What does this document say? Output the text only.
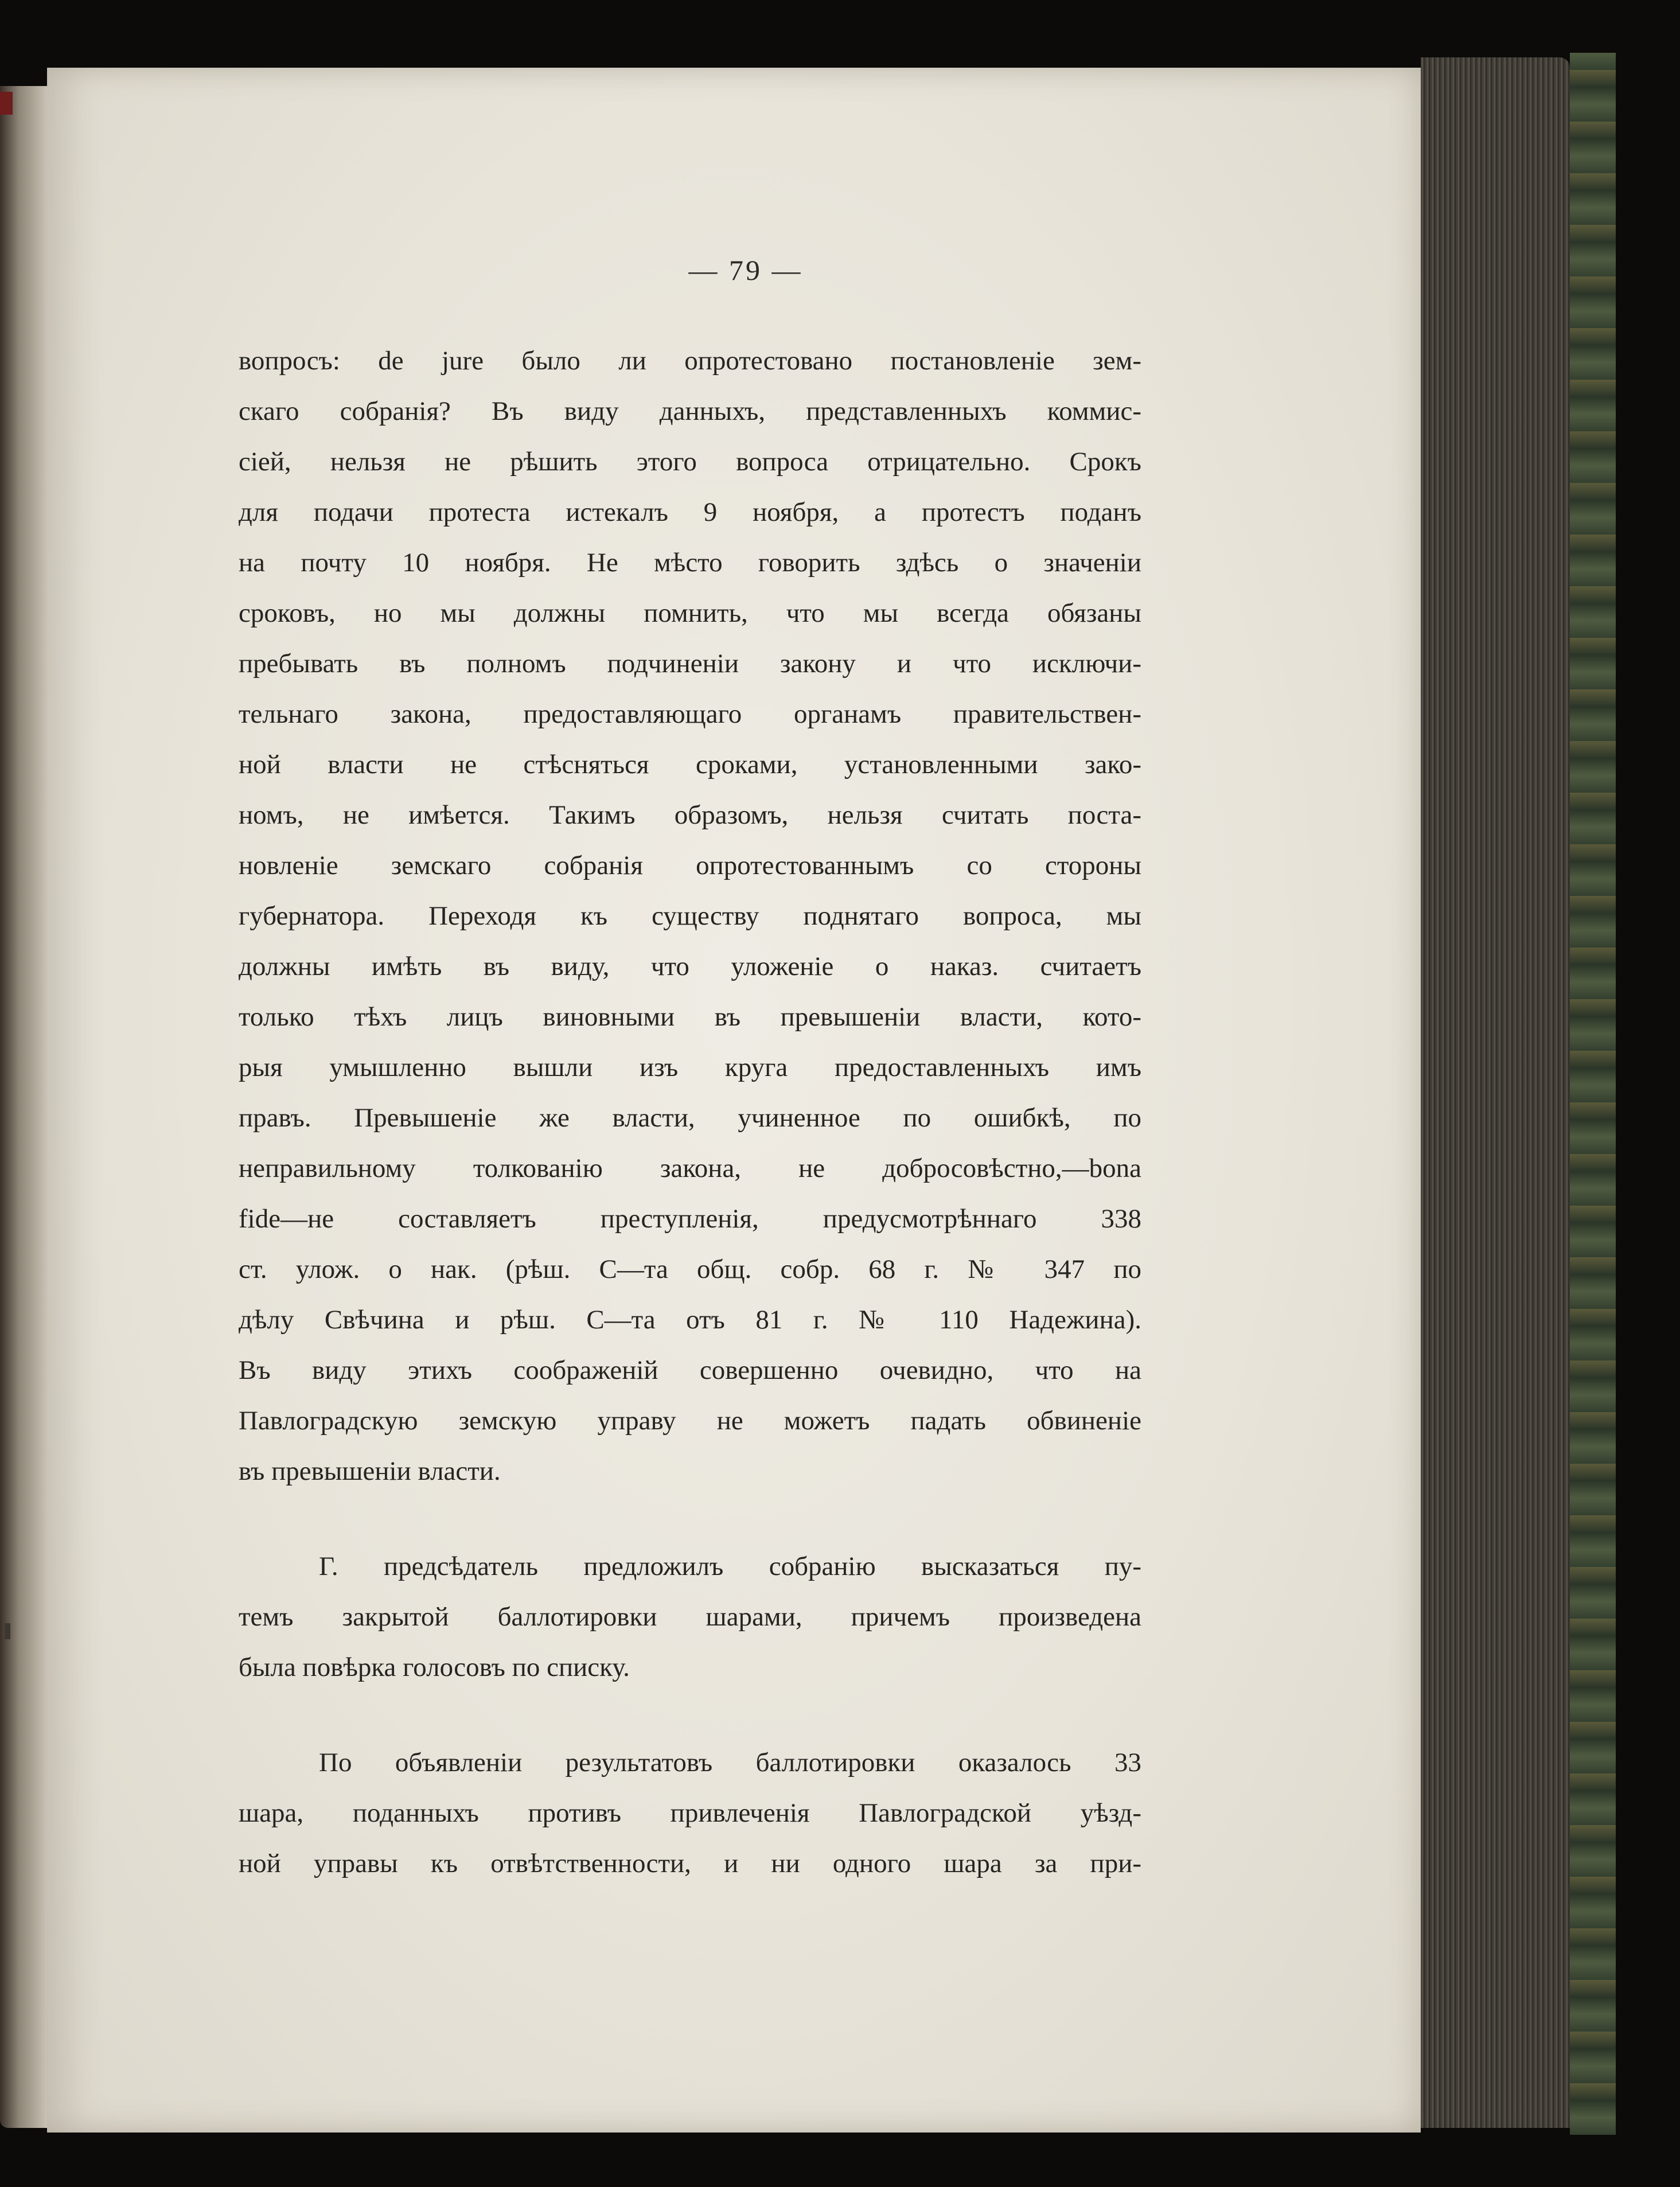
— 79 —
вопросъ: de jure было ли опротестовано постановленіе зем-
скаго собранія? Въ виду данныхъ, представленныхъ коммис-
сіей, нельзя не рѣшить этого вопроса отрицательно. Срокъ
для подачи протеста истекалъ 9 ноября, а протестъ поданъ
на почту 10 ноября. Не мѣсто говорить здѣсь о значеніи
сроковъ, но мы должны помнить, что мы всегда обязаны
пребывать въ полномъ подчиненіи закону и что исключи-
тельнаго закона, предоставляющаго органамъ правительствен-
ной власти не стѣсняться сроками, установленными зако-
номъ, не имѣется. Такимъ образомъ, нельзя считать поста-
новленіе земскаго собранія опротестованнымъ со стороны
губернатора. Переходя къ существу поднятаго вопроса, мы
должны имѣть въ виду, что уложеніе о наказ. считаетъ
только тѣхъ лицъ виновными въ превышеніи власти, кото-
рыя умышленно вышли изъ круга предоставленныхъ имъ
правъ. Превышеніе же власти, учиненное по ошибкѣ, по
неправильному толкованію закона, не добросовѣстно,—bona
fide—не составляетъ преступленія, предусмотрѣннаго 338
ст. улож. о нак. (рѣш. С—та общ. собр. 68 г. № 347 по
дѣлу Свѣчина и рѣш. С—та отъ 81 г. № 110 Надежина).
Въ виду этихъ соображеній совершенно очевидно, что на
Павлоградскую земскую управу не можетъ падать обвиненіе
въ превышеніи власти.
Г. предсѣдатель предложилъ собранію высказаться пу-
темъ закрытой баллотировки шарами, причемъ произведена
была повѣрка голосовъ по списку.
По объявленіи результатовъ баллотировки оказалось 33
шара, поданныхъ противъ привлеченія Павлоградской уѣзд-
ной управы къ отвѣтственности, и ни одного шара за при-
